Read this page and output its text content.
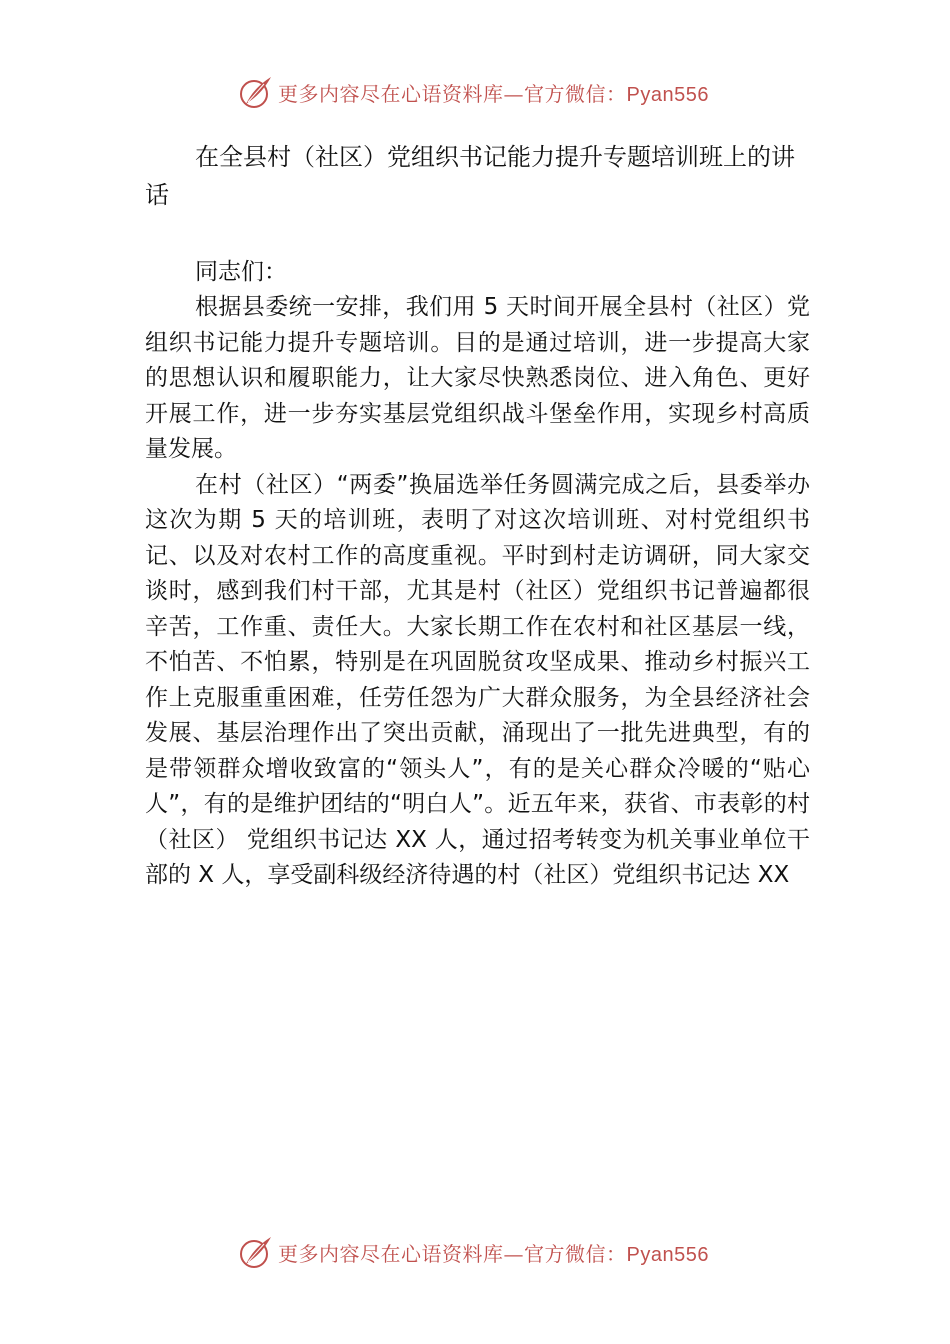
更多内容尽在心语资料库—官方微信：Pyan556
在全县村（社区）党组织书记能力提升专题培训班上的讲话

同志们：

根据县委统一安排，我们用 5 天时间开展全县村（社区）党组织书记能力提升专题培训。目的是通过培训，进一步提高大家的思想认识和履职能力，让大家尽快熟悉岗位、进入角色、更好开展工作，进一步夯实基层党组织战斗堡垒作用，实现乡村高质量发展。

在村（社区）“两委”换届选举任务圆满完成之后，县委举办这次为期 5 天的培训班，表明了对这次培训班、对村党组织书记、以及对农村工作的高度重视。平时到村走访调研，同大家交谈时，感到我们村干部，尤其是村（社区）党组织书记普遍都很辛苦，工作重、责任大。大家长期工作在农村和社区基层一线，不怕苦、不怕累，特别是在巩固脱贫攻坚成果、推动乡村振兴工作上克服重重困难，任劳任怨为广大群众服务，为全县经济社会发展、基层治理作出了突出贡献，涌现出了一批先进典型，有的是带领群众增收致富的“领头人”，有的是关心群众冷暖的“贴心人”，有的是维护团结的“明白人”。近五年来，获省、市表彰的村（社区） 党组织书记达 XX 人，通过招考转变为机关事业单位干部的 X 人，享受副科级经济待遇的村（社区）党组织书记达 XX

更多内容尽在心语资料库—官方微信：Pyan556
